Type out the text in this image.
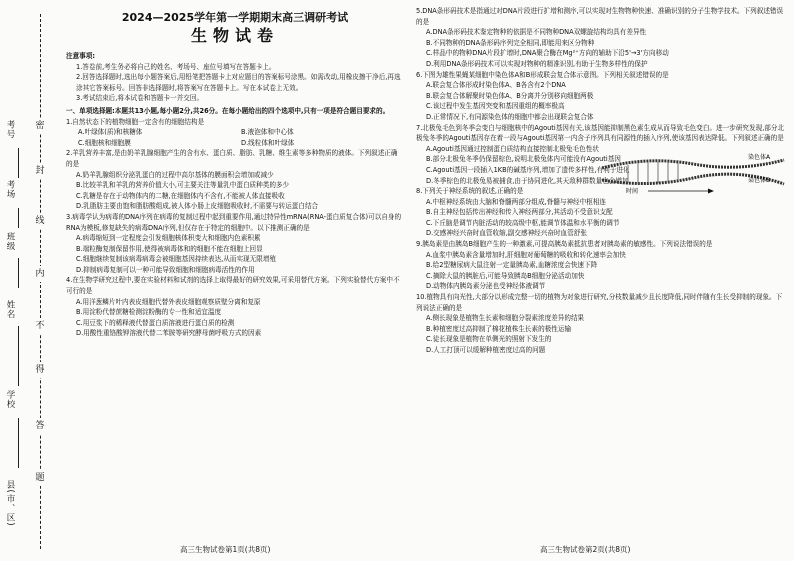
考号
考场
班级
姓名
学校
县(市、区)
密
封
线
内
不
得
答
题
2024—2025学年第一学期期末高三调研考试
生物试卷
注意事项:
1.答卷前,考生务必将自己的姓名、考场号、座位号填写在答题卡上。
2.回答选择题时,选出每小题答案后,用铅笔把答题卡上对应题目的答案标号涂黑。如需改动,用橡皮擦干净后,再选涂其它答案标号。回答非选择题时,将答案写在答题卡上。写在本试卷上无效。
3.考试结束后,将本试卷和答题卡一并交回。
一、单项选择题:本题共13小题,每小题2分,共26分。在每小题给出的四个选项中,只有一项是符合题目要求的。
1.自然状态下的植物细胞一定含有的细胞结构是
A.叶绿体(质)和核糖体	B.液泡体和中心体
C.细胞核和细胞膜	D.线粒体和叶绿体
2.羊乳营养丰富,是由奶羊乳腺细胞产生的含有水、蛋白质、脂肪、乳糖、维生素等多种物质的液体。下列叙述正确的是
A.奶羊乳腺组织分泌乳蛋白的过程中高尔基体的膜面积会增加或减少
B.比较羊乳和羊乳的营养价值大小,可主要关注等量乳中蛋白质种类的多少
C.乳糖是存在于动物体内的二糖,在细胞体内不含有,不能被人体直接吸收
D.乳脂肪主要由饱和脂肪酸组成,被人体小肠上皮细胞吸收时,不需要与转运蛋白结合
3.病毒学认为病毒的DNA序列在病毒的复制过程中起到重要作用,通过特异性mRNA(RNA-蛋白质复合体)可以自身的RNA为模板,修复缺失的病毒DNA序列,但仅存在于特定的细胞中。以下推测正确的是
A.病毒缩短到一定程度会引发细胞核体积变大和细胞内色素积累
B.端粒酶复制保留作用,使得被病毒体和的细胞不能在细胞上回显
C.细胞继续复制该病毒病毒会被细胞基因持续表达,从而实现无限增殖
D.抑制病毒复制可以一种可能导致细胞和细胞病毒活性的作用
4.在生物学研究过程中,要在实验材料和试剂的选择上取得最好的研究效果,可采用替代方案。下列实验替代方案中不可行的是
A.用洋葱鳞片叶内表皮细胞代替外表皮细胞观察质壁分离和复原
B.用淀粉代替蔗糖检测淀粉酶的专一性和适宜温度
C.用豆浆下的稀释液代替蛋白质溶液进行蛋白质的检测
D.用酸性重铬酸钾溶液代替二苯胺等研究酵母菌呼吸方式的因素
5.DNA条形码技术是指通过对DNA片段进行扩增和测序,可以实现对生物物种快速、准确识别的分子生物学技术。下列叙述错误的是
A.DNA条形码技术鉴定物种的依据是不同物种DNA双螺旋结构均具有差异性
B.不同物种的DNA条形码序列完全相同,即能用来区分物种
C.样品中的物种DNA片段扩增时,DNA聚合酶在Mg²⁺方向的辅助下沿5'→3'方向移动
D.利用DNA条形码技术可以实现对物种的精准识别,有助于生物多样性的保护
6.下图为雄性果蝇某细胞中染色体A和B形成联会复合体示意图。下列相关叙述错误的是
A.联会复合体形成时染色体A、B各含有2个DNA
B.联会复合体解聚时染色体A、B分离并分别移向细胞两极
C.该过程中发生基因突变和基因重组的概率极高
D.正常情况下,有同源染色体的细胞中都会出现联会复合体
7.北极兔毛色到冬季会变白与细胞核中的Agouti基因有关,该基因能抑制黑色素生成从而导致毛色变白。进一步研究发现,部分北极兔冬季的Agouti基因存在着一段与Agouti基因第一内含子序列具有同源性的插入序列,使该基因表达降低。下列叙述正确的是
A.Agouti基因通过控制蛋白质结构直接控制北极兔毛色性状
B.部分北极兔冬季仍保留棕色,说明北极兔体内可能没有Agouti基因
C.Agouti基因一段插入1KB的碱基序列,增加了遗传多样性,有利于进化
D.冬季棕色的北极兔易被捕食,由于协同进化,其天敌种群数量也会增加
8.下列关于神经系统的叙述,正确的是
A.中枢神经系统由大脑和脊髓两部分组成,脊髓与神经中枢相连
B.自主神经包括传出神经和传入神经两部分,其活动不受意识支配
C.下丘脑是调节内脏活动的较高级中枢,能调节体温和水平衡的调节
D.交感神经兴奋时血管收缩,副交感神经兴奋时血管舒张
9.胰岛素是由胰岛B细胞产生的一种激素,可提高胰岛素抵抗患者对胰岛素的敏感性。下列说法错误的是
A.血浆中胰岛素含量增加时,肝细胞对葡萄糖的吸收和转化速率会加快
B.给2型糖尿病大鼠注射一定量胰岛素,血糖浓度会快速下降
C.摘除大鼠的胰脏后,可能导致胰岛B细胞分泌活动加快
D.动物体内胰岛素分泌也受神经体液调节
10.植物具有向光性,大部分以形成完整一切的植物为对象进行研究,分枝数量减少且长度降低,同时伴随有生长受抑制的现象。下列说法正确的是
A.侧长现象是植物生长素和细胞分裂素浓度差异的结果
B.种植密度过高抑制了棉花植株生长素的极性运输
C.徒长现象是植物在单侧光的照射下发生的
D.人工打顶可以缓解种植密度过高的问题
时间
染色体A
染色体B
高三生物试卷第1页(共8页)	高三生物试卷第2页(共8页)
